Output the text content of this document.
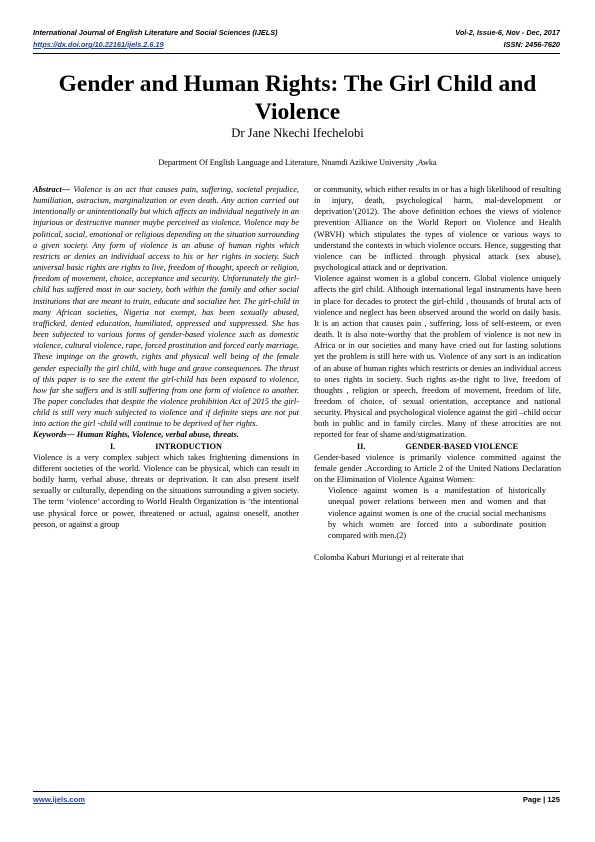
International Journal of English Literature and Social Sciences (IJELS)	Vol-2, Issue-6, Nov - Dec, 2017
https://dx.doi.org/10.22161/ijels.2.6.19	ISSN: 2456-7620
Gender and Human Rights: The Girl Child and
Violence
Dr Jane Nkechi Ifechelobi
Department Of English Language and Literature, Nnamdi Azikiwe University ,Awka

Abstract— Violence is an act that causes pain, suffering, societal prejudice, humiliation, ostracism, marginalization or even death. Any action carried out intentionally or unintentionally but which affects an individual negatively in an injurious or destructive manner maybe perceived as violence. Violence may be political, social, emotional or religious depending on the situation surrounding a given society. Any form of violence is an abuse of human rights which restricts or denies an individual access to his or her rights in society. Such universal basic rights are rights to live, freedom of thought, speech or religion, freedom of movement, choice, acceptance and security. Unfortunately the girl-child has suffered most in our society, both within the family and other social institutions that are meant to train, educate and socialize her. The girl-child in many African societies, Nigeria not exempt, has been sexually abused, trafficked, denied education, humiliated, oppressed and suppressed. She has been subjected to various forms of gender-based violence such as domestic violence, cultural violence, rape, forced prostitution and forced early marriage. These impinge on the growth, rights and physical well being of the female gender especially the girl child, with huge and grave consequences. The thrust of this paper is to see the extent the girl-child has been exposed to violence, how far she suffers and is still suffering from one form of violence to another. The paper concludes that despite the violence prohibition Act of 2015 the girl-child is still very much subjected to violence and if definite steps are not put into action the girl -child will continue to be deprived of her rights.

Keywords— Human Rights, Violence, verbal abuse, threats.

I.	INTRODUCTION

Violence is a very complex subject which takes frightening dimensions in different societies of the world. Violence can be physical, which can result in bodily harm, verbal abuse, threats or deprivation. It can also present itself sexually or culturally, depending on the situations surrounding a given society. The term ‘violence’ according to World Health Organization is ‘the intentional use physical force or power, threatened or actual, against oneself, another person, or against a group

or community, which either results in or has a high likelihood of resulting in injury, death, psychological harm, mal-development or deprivation’(2012). The above definition echoes the views of violence prevention Alliance on the World Report on Violence and Health (WRVH) which stipulates the types of violence or various ways to understand the contexts in which violence occurs. Hence, suggesting that violence can be inflicted through physical attack (sex abuse), psychological attack and or deprivation.

Violence against women is a global concern. Global violence uniquely affects the girl child. Although international legal instruments have been in place for decades to protect the girl-child , thousands of brutal acts of violence and neglect has been observed around the world on daily basis. It is an action that causes pain , suffering, loss of self-esteem, or even death. It is also note-worthy that the problem of violence is not new in Africa or in our societies and many have cried out for lasting solutions yet the problem is still here with us. Violence of any sort is an indication of an abuse of human rights which restricts or denies an individual access to ones rights in society. Such rights as-the right to live, freedom of thoughts , religion or speech, freedom of movement, freedom of life, freedom of choice, of sexual orientation, acceptance and national security. Physical and psychological violence against the girl –child occur both in public and in family circles. Many of these atrocities are not reported for fear of shame and/stigmatization.

II.	GENDER-BASED VIOLENCE

Gender-based violence is primarily violence committed against the female gender .According to Article 2 of the United Nations Declaration on the Elimination of Violence Against Women:

Violence against women is a manifestation of historically unequal power relations between men and women and that violence against women is one of the crucial social mechanisms by which women are forced into a subordinate position compared with men.(2)

Colomba Kaburi Muriungi et al reiterate that

www.ijels.com	Page | 125
